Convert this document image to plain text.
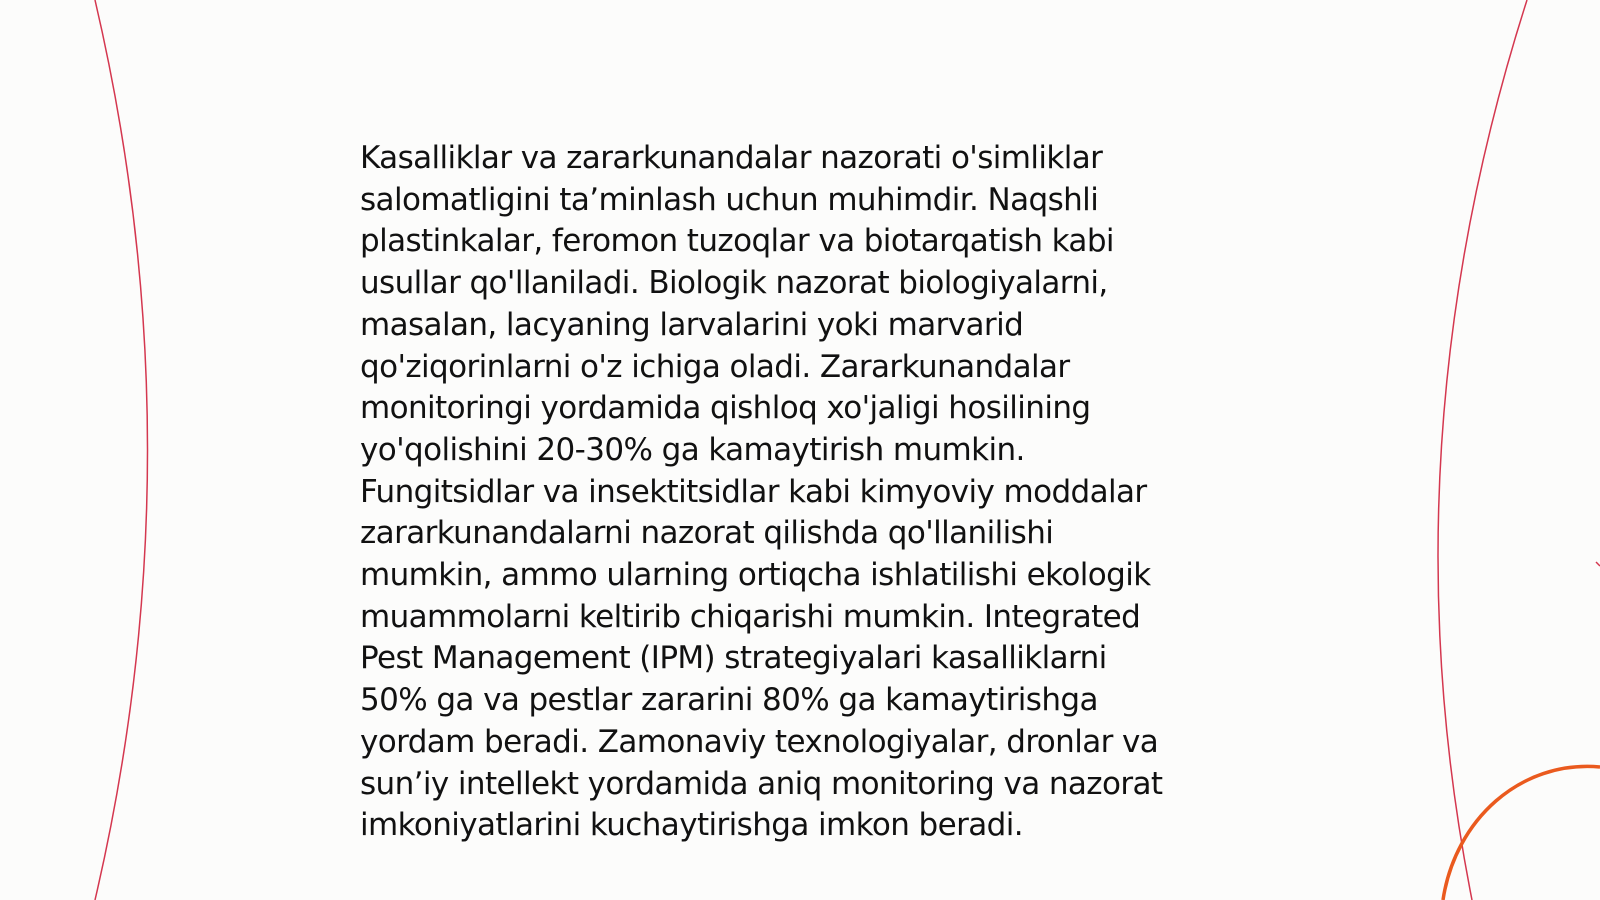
Kasalliklar va zararkunandalar nazorati o'simliklar
salomatligini ta’minlash uchun muhimdir. Naqshli
plastinkalar, feromon tuzoqlar va biotarqatish kabi
usullar qo'llaniladi. Biologik nazorat biologiyalarni,
masalan, lacyaning larvalarini yoki marvarid
qo'ziqorinlarni o'z ichiga oladi. Zararkunandalar
monitoringi yordamida qishloq xo'jaligi hosilining
yo'qolishini 20-30% ga kamaytirish mumkin.
Fungitsidlar va insektitsidlar kabi kimyoviy moddalar
zararkunandalarni nazorat qilishda qo'llanilishi
mumkin, ammo ularning ortiqcha ishlatilishi ekologik
muammolarni keltirib chiqarishi mumkin. Integrated
Pest Management (IPM) strategiyalari kasalliklarni
50% ga va pestlar zararini 80% ga kamaytirishga
yordam beradi. Zamonaviy texnologiyalar, dronlar va
sun’iy intellekt yordamida aniq monitoring va nazorat
imkoniyatlarini kuchaytirishga imkon beradi.
